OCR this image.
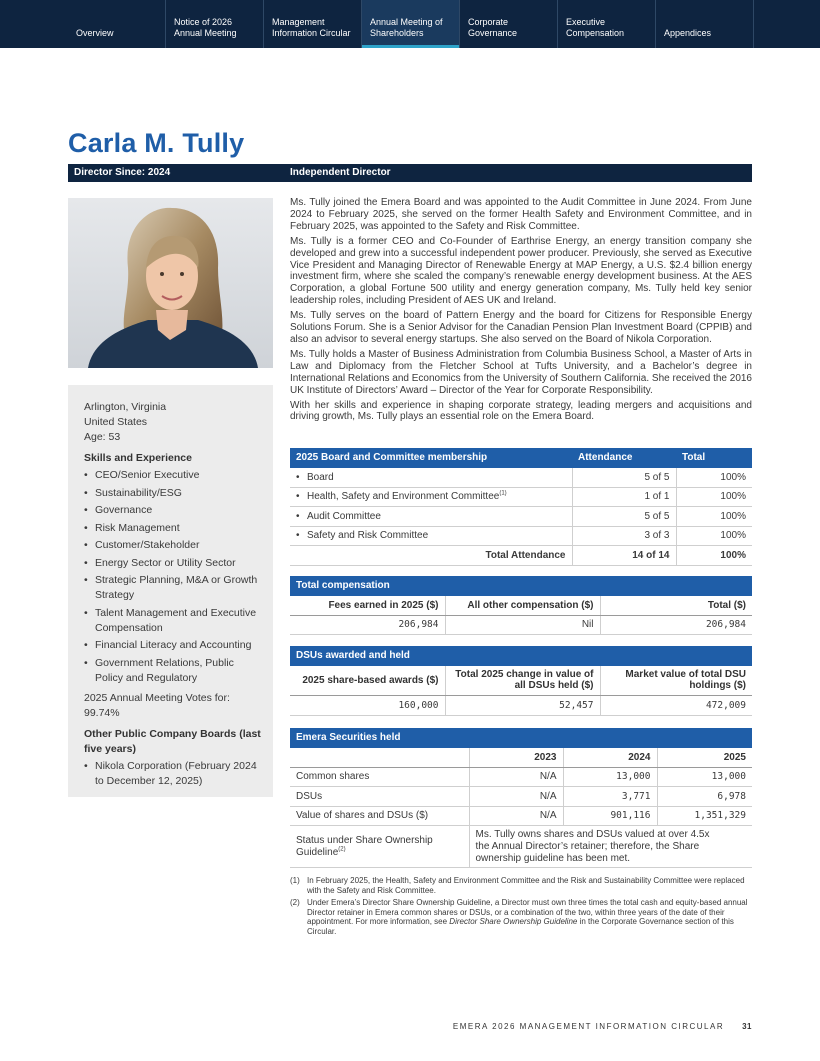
Overview
Notice of 2026 Annual Meeting
Management Information Circular
Annual Meeting of Shareholders
Corporate Governance
Executive Compensation	Appendices
Carla M. Tully
Director Since: 2024	Independent Director
Arlington, Virginia
United States
Age: 53
Skills and Experience
• CEO/Senior Executive
• Sustainability/ESG
• Governance
• Risk Management
• Customer/Stakeholder
• Energy Sector or Utility Sector
• Strategic Planning, M&A or Growth Strategy
• Talent Management and Executive Compensation
• Financial Literacy and Accounting
• Government Relations, Public Policy and Regulatory
2025 Annual Meeting Votes for: 99.74%
Other Public Company Boards (last five years)
• Nikola Corporation (February 2024 to December 12, 2025)

Ms. Tully joined the Emera Board and was appointed to the Audit Committee in June 2024. From June 2024 to February 2025, she served on the former Health Safety and Environment Committee, and in February 2025, was appointed to the Safety and Risk Committee.

Ms. Tully is a former CEO and Co-Founder of Earthrise Energy, an energy transition company she developed and grew into a successful independent power producer. Previously, she served as Executive Vice President and Managing Director of Renewable Energy at MAP Energy, a U.S. $2.4 billion energy investment firm, where she scaled the company’s renewable energy development business. At the AES Corporation, a global Fortune 500 utility and energy generation company, Ms. Tully held key senior leadership roles, including President of AES UK and Ireland.

Ms. Tully serves on the board of Pattern Energy and the board for Citizens for Responsible Energy Solutions Forum. She is a Senior Advisor for the Canadian Pension Plan Investment Board (CPPIB) and also an advisor to several energy startups. She also served on the Board of Nikola Corporation.

Ms. Tully holds a Master of Business Administration from Columbia Business School, a Master of Arts in Law and Diplomacy from the Fletcher School at Tufts University, and a Bachelor’s degree in International Relations and Economics from the University of Southern California. She received the 2016 UK Institute of Directors’ Award – Director of the Year for Corporate Responsibility.

With her skills and experience in shaping corporate strategy, leading mergers and acquisitions and driving growth, Ms. Tully plays an essential role on the Emera Board.

2025 Board and Committee membership	Attendance	Total
• Board	5 of 5	100%
• Health, Safety and Environment Committee$^{(1)}$	1 of 1	100%
• Audit Committee	5 of 5	100%
• Safety and Risk Committee	3 of 3	100%
Total Attendance	14 of 14	100%
Total compensation		
Fees earned in 2025 ($)	All other compensation ($)	Total ($)
206,984	Nil	206,984
DSUs awarded and held		
2025 share-based awards ($)	Total 2025 change in value of all DSUs held ($)	Market value of total DSU holdings ($)
160,000	52,457	472,009
Emera Securities held			
	2023	2024	2025
Common shares	N/A	13,000	13,000
DSUs	N/A	3,771	6,978
Value of shares and DSUs ($)	N/A	901,116	1,351,329
Status under Share Ownership Guideline$^{(2)}$	Ms. Tully owns shares and DSUs valued at over 4.5x the Annual Director’s retainer; therefore, the Share ownership guideline has been met.		
(1) In February 2025, the Health, Safety and Environment Committee and the Risk and Sustainability Committee were replaced with the Safety and Risk Committee.
(2) Under Emera’s Director Share Ownership Guideline, a Director must own three times the total cash and equity-based annual Director retainer in Emera common shares or DSUs, or a combination of the two, within three years of the date of their appointment. For more information, see Director Share Ownership Guideline in the Corporate Governance section of this Circular.
EMERA 2026 MANAGEMENT INFORMATION CIRCULAR 31
